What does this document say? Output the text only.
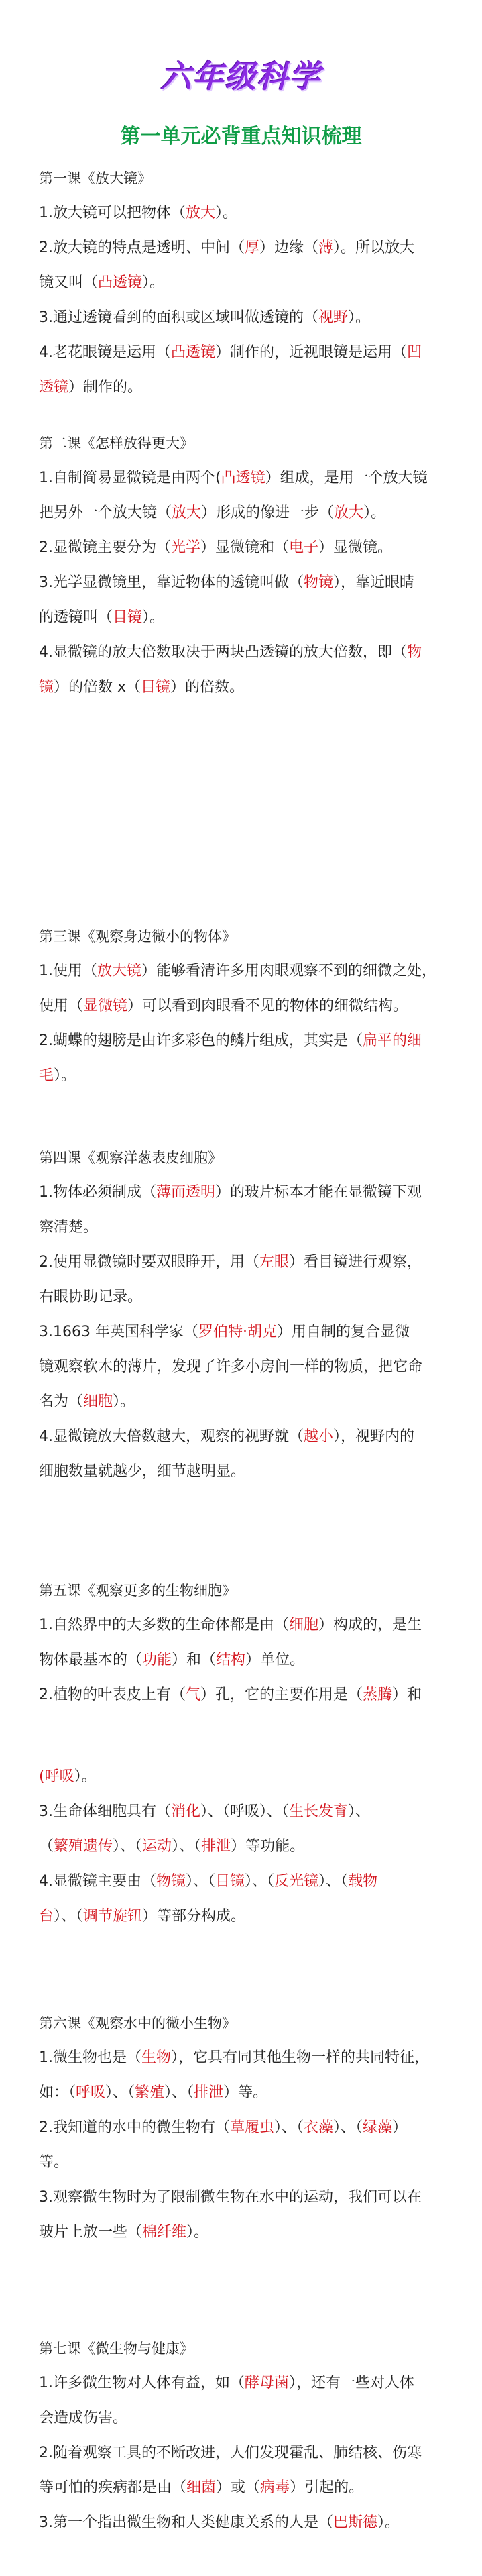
六年级科学
第一单元必背重点知识梳理
第一课《放大镜》
1.放大镜可以把物体（放大）。
2.放大镜的特点是透明、中间（厚）边缘（薄）。所以放大
镜又叫（凸透镜）。
3.通过透镜看到的面积或区域叫做透镜的（视野）。
4.老花眼镜是运用（凸透镜）制作的，近视眼镜是运用（凹
透镜）制作的。
第二课《怎样放得更大》
1.自制简易显微镜是由两个(凸透镜）组成，是用一个放大镜
把另外一个放大镜（放大）形成的像进一步（放大）。
2.显微镜主要分为（光学）显微镜和（电子）显微镜。
3.光学显微镜里，靠近物体的透镜叫做（物镜），靠近眼睛
的透镜叫（目镜）。
4.显微镜的放大倍数取决于两块凸透镜的放大倍数，即（物
镜）的倍数 x（目镜）的倍数。
第三课《观察身边微小的物体》
1.使用（放大镜）能够看清许多用肉眼观察不到的细微之处，
使用（显微镜）可以看到肉眼看不见的物体的细微结构。
2.蝴蝶的翅膀是由许多彩色的鳞片组成，其实是（扁平的细
毛）。
第四课《观察洋葱表皮细胞》
1.物体必须制成（薄而透明）的玻片标本才能在显微镜下观
察清楚。
2.使用显微镜时要双眼睁开，用（左眼）看目镜进行观察，
右眼协助记录。
3.1663 年英国科学家（罗伯特·胡克）用自制的复合显微
镜观察软木的薄片，发现了许多小房间一样的物质，把它命
名为（细胞）。
4.显微镜放大倍数越大，观察的视野就（越小），视野内的
细胞数量就越少，细节越明显。
第五课《观察更多的生物细胞》
1.自然界中的大多数的生命体都是由（细胞）构成的，是生
物体最基本的（功能）和（结构）单位。
2.植物的叶表皮上有（气）孔，它的主要作用是（蒸腾）和
(呼吸）。
3.生命体细胞具有（消化）、（呼吸）、（生长发育）、
（繁殖遗传）、（运动）、（排泄）等功能。
4.显微镜主要由（物镜）、（目镜）、（反光镜）、（载物
台）、（调节旋钮）等部分构成。
第六课《观察水中的微小生物》
1.微生物也是（生物），它具有同其他生物一样的共同特征，
如：（呼吸）、（繁殖）、（排泄）等。
2.我知道的水中的微生物有（草履虫）、（衣藻）、（绿藻）
等。
3.观察微生物时为了限制微生物在水中的运动，我们可以在
玻片上放一些（棉纤维）。
第七课《微生物与健康》
1.许多微生物对人体有益，如（酵母菌），还有一些对人体
会造成伤害。
2.随着观察工具的不断改进，人们发现霍乱、肺结核、伤寒
等可怕的疾病都是由（细菌）或（病毒）引起的。
3.第一个指出微生物和人类健康关系的人是（巴斯德）。
